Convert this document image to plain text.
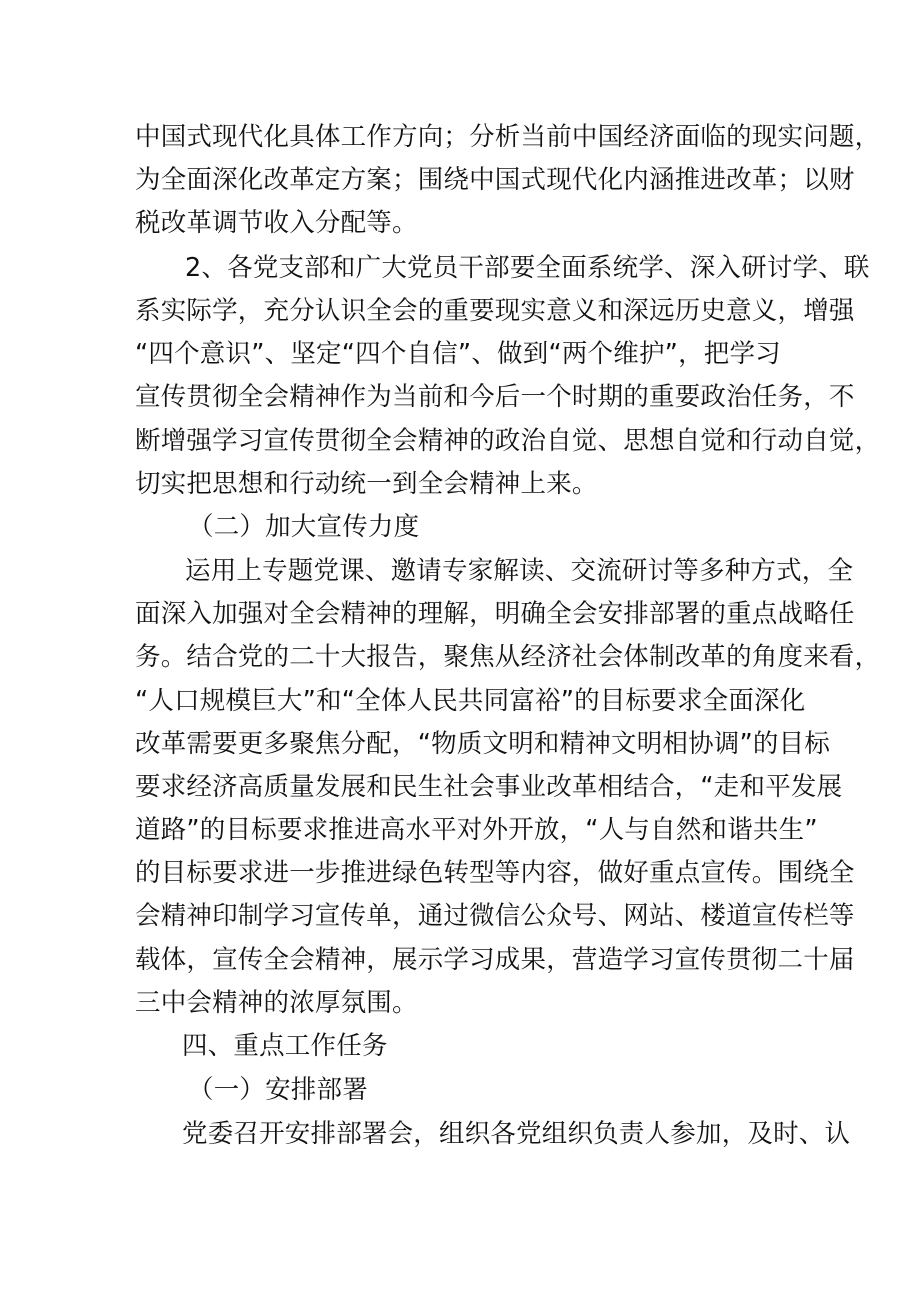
中国式现代化具体工作方向；分析当前中国经济面临的现实问题，
为全面深化改革定方案；围绕中国式现代化内涵推进改革；以财
税改革调节收入分配等。
2、各党支部和广大党员干部要全面系统学、深入研讨学、联
系实际学，充分认识全会的重要现实意义和深远历史意义，增强
“四个意识”、坚定“四个自信”、做到“两个维护”，把学习
宣传贯彻全会精神作为当前和今后一个时期的重要政治任务，不
断增强学习宣传贯彻全会精神的政治自觉、思想自觉和行动自觉，
切实把思想和行动统一到全会精神上来。
（二）加大宣传力度
运用上专题党课、邀请专家解读、交流研讨等多种方式，全
面深入加强对全会精神的理解，明确全会安排部署的重点战略任
务。结合党的二十大报告，聚焦从经济社会体制改革的角度来看，
“人口规模巨大”和“全体人民共同富裕”的目标要求全面深化
改革需要更多聚焦分配，“物质文明和精神文明相协调”的目标
要求经济高质量发展和民生社会事业改革相结合，“走和平发展
道路”的目标要求推进高水平对外开放，“人与自然和谐共生”
的目标要求进一步推进绿色转型等内容，做好重点宣传。围绕全
会精神印制学习宣传单，通过微信公众号、网站、楼道宣传栏等
载体，宣传全会精神，展示学习成果，营造学习宣传贯彻二十届
三中会精神的浓厚氛围。
四、重点工作任务
（一）安排部署
党委召开安排部署会，组织各党组织负责人参加，及时、认
